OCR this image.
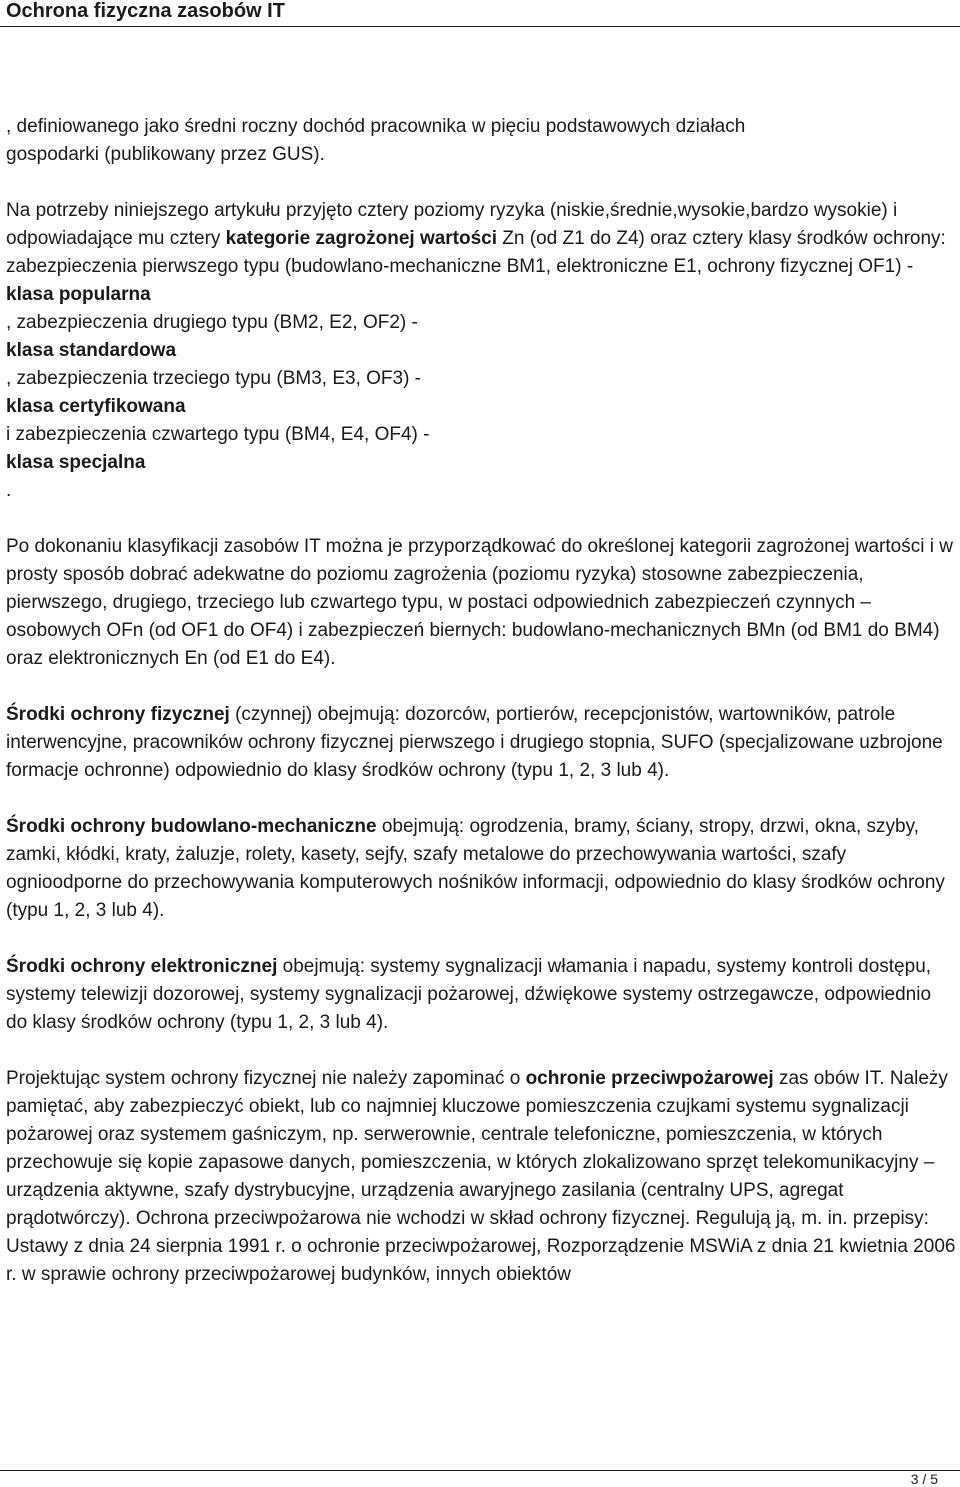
Ochrona fizyczna zasobów IT

, definiowanego jako średni roczny dochód pracownika w pięciu podstawowych działach
gospodarki (publikowany przez GUS).

Na potrzeby niniejszego artykułu przyjęto cztery poziomy ryzyka (niskie,średnie,wysokie,bardzo wysokie) i odpowiadające mu cztery kategorie zagrożonej wartości Zn (od Z1 do Z4) oraz cztery klasy środków ochrony: zabezpieczenia pierwszego typu (budowlano-mechaniczne BM1, elektroniczne E1, ochrony fizycznej OF1) -
klasa popularna
, zabezpieczenia drugiego typu (BM2, E2, OF2) -
klasa standardowa
, zabezpieczenia trzeciego typu (BM3, E3, OF3) -
klasa certyfikowana
i zabezpieczenia czwartego typu (BM4, E4, OF4) -
klasa specjalna
.

Po dokonaniu klasyfikacji zasobów IT można je przyporządkować do określonej kategorii zagrożonej wartości i w prosty sposób dobrać adekwatne do poziomu zagrożenia (poziomu ryzyka) stosowne zabezpieczenia, pierwszego, drugiego, trzeciego lub czwartego typu, w postaci odpowiednich zabezpieczeń czynnych – osobowych OFn (od OF1 do OF4) i zabezpieczeń biernych: budowlano-mechanicznych BMn (od BM1 do BM4) oraz elektronicznych En (od E1 do E4).

Środki ochrony fizycznej (czynnej) obejmują: dozorców, portierów, recepcjonistów, wartowników, patrole interwencyjne, pracowników ochrony fizycznej pierwszego i drugiego stopnia, SUFO (specjalizowane uzbrojone formacje ochronne) odpowiednio do klasy środków ochrony (typu 1, 2, 3 lub 4).

Środki ochrony budowlano-mechaniczne obejmują: ogrodzenia, bramy, ściany, stropy, drzwi, okna, szyby, zamki, kłódki, kraty, żaluzje, rolety, kasety, sejfy, szafy metalowe do przechowywania wartości, szafy ognioodporne do przechowywania komputerowych nośników informacji, odpowiednio do klasy środków ochrony (typu 1, 2, 3 lub 4).

Środki ochrony elektronicznej obejmują: systemy sygnalizacji włamania i napadu, systemy kontroli dostępu, systemy telewizji dozorowej, systemy sygnalizacji pożarowej, dźwiękowe systemy ostrzegawcze, odpowiednio do klasy środków ochrony (typu 1, 2, 3 lub 4).

Projektując system ochrony fizycznej nie należy zapominać o ochronie przeciwpożarowej zas obów IT. Należy pamiętać, aby zabezpieczyć obiekt, lub co najmniej kluczowe pomieszczenia czujkami systemu sygnalizacji pożarowej oraz systemem gaśniczym, np. serwerownie, centrale telefoniczne, pomieszczenia, w których przechowuje się kopie zapasowe danych, pomieszczenia, w których zlokalizowano sprzęt telekomunikacyjny – urządzenia aktywne, szafy dystrybucyjne, urządzenia awaryjnego zasilania (centralny UPS, agregat prądotwórczy). Ochrona przeciwpożarowa nie wchodzi w skład ochrony fizycznej. Regulują ją, m. in. przepisy: Ustawy z dnia 24 sierpnia 1991 r. o ochronie przeciwpożarowej, Rozporządzenie MSWiA z dnia 21 kwietnia 2006 r. w sprawie ochrony przeciwpożarowej budynków, innych obiektów

3 / 5
